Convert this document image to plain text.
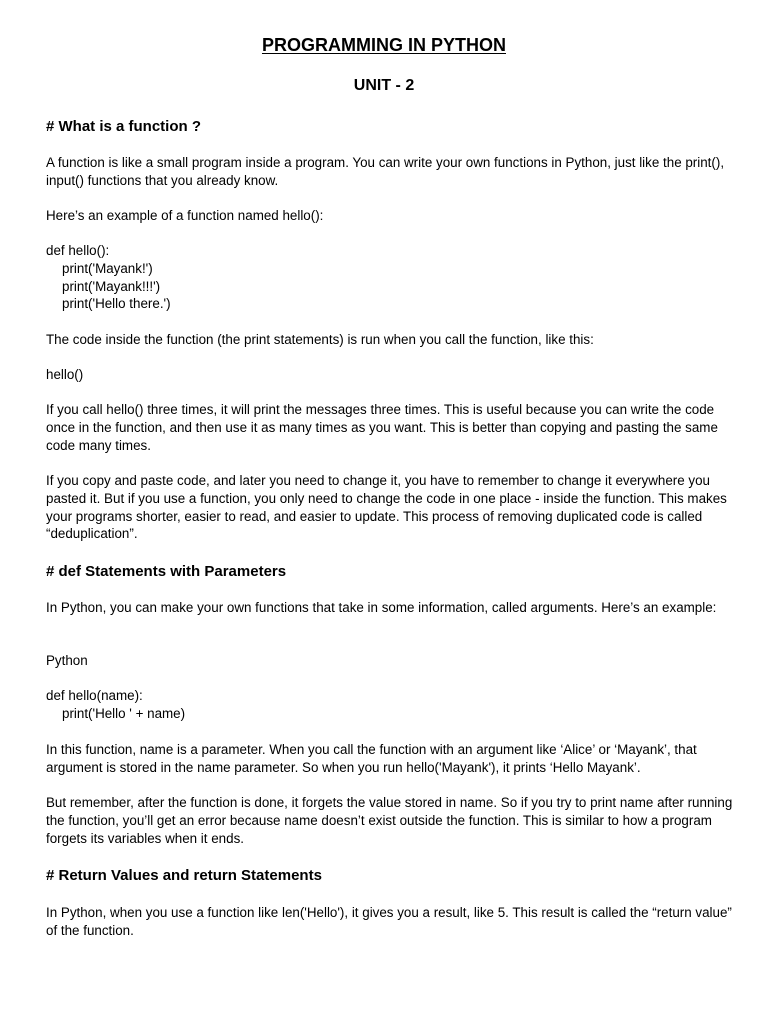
PROGRAMMING IN PYTHON
UNIT - 2
# What is a function ?

A function is like a small program inside a program. You can write your own functions in Python, just like the print(), input() functions that you already know.

Here’s an example of a function named hello():

def hello():
print('Mayank!')
print('Mayank!!!')
print('Hello there.')

The code inside the function (the print statements) is run when you call the function, like this:

hello()

If you call hello() three times, it will print the messages three times. This is useful because you can write the code once in the function, and then use it as many times as you want. This is better than copying and pasting the same code many times.

If you copy and paste code, and later you need to change it, you have to remember to change it everywhere you pasted it. But if you use a function, you only need to change the code in one place - inside the function. This makes your programs shorter, easier to read, and easier to update. This process of removing duplicated code is called “deduplication”.

# def Statements with Parameters

In Python, you can make your own functions that take in some information, called arguments. Here’s an example:

Python

def hello(name):
print('Hello ' + name)

In this function, name is a parameter. When you call the function with an argument like ‘Alice’ or ‘Mayank’, that argument is stored in the name parameter. So when you run hello('Mayank'), it prints ‘Hello Mayank’.

But remember, after the function is done, it forgets the value stored in name. So if you try to print name after running the function, you’ll get an error because name doesn’t exist outside the function. This is similar to how a program forgets its variables when it ends.

# Return Values and return Statements

In Python, when you use a function like len('Hello'), it gives you a result, like 5. This result is called the “return value” of the function.
